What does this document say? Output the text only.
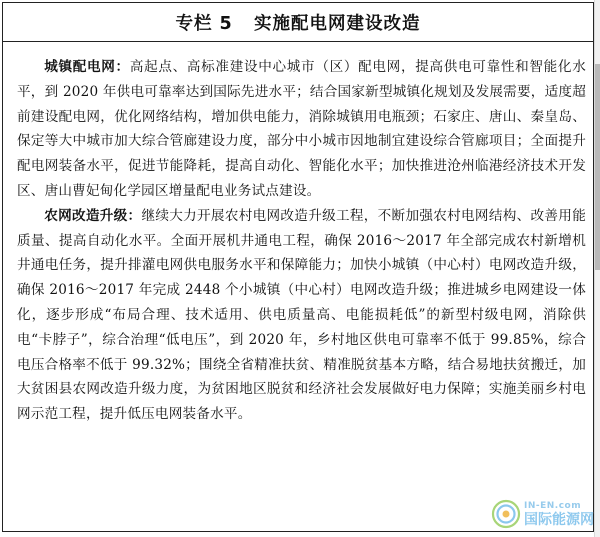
专栏 5   实施配电网建设改造

城镇配电网：高起点、高标准建设中心城市（区）配电网，提高供电可靠性和智能化水平，到 2020 年供电可靠率达到国际先进水平；结合国家新型城镇化规划及发展需要，适度超前建设配电网，优化网络结构，增加供电能力，消除城镇用电瓶颈；石家庄、唐山、秦皇岛、保定等大中城市加大综合管廊建设力度，部分中小城市因地制宜建设综合管廊项目；全面提升配电网装备水平，促进节能降耗，提高自动化、智能化水平；加快推进沧州临港经济技术开发区、唐山曹妃甸化学园区增量配电业务试点建设。

农网改造升级：继续大力开展农村电网改造升级工程，不断加强农村电网结构、改善用能质量、提高自动化水平。全面开展机井通电工程，确保 2016～2017 年全部完成农村新增机井通电任务，提升排灌电网供电服务水平和保障能力；加快小城镇（中心村）电网改造升级，确保 2016～2017 年完成 2448 个小城镇（中心村）电网改造升级；推进城乡电网建设一体化，逐步形成“布局合理、技术适用、供电质量高、电能损耗低”的新型村级电网，消除供电“卡脖子”，综合治理“低电压”，到 2020 年，乡村地区供电可靠率不低于 99.85%，综合电压合格率不低于 99.32%；围绕全省精准扶贫、精准脱贫基本方略，结合易地扶贫搬迁，加大贫困县农网改造升级力度，为贫困地区脱贫和经济社会发展做好电力保障；实施美丽乡村电网示范工程，提升低压电网装备水平。

IN-EN.com
国际能源网
